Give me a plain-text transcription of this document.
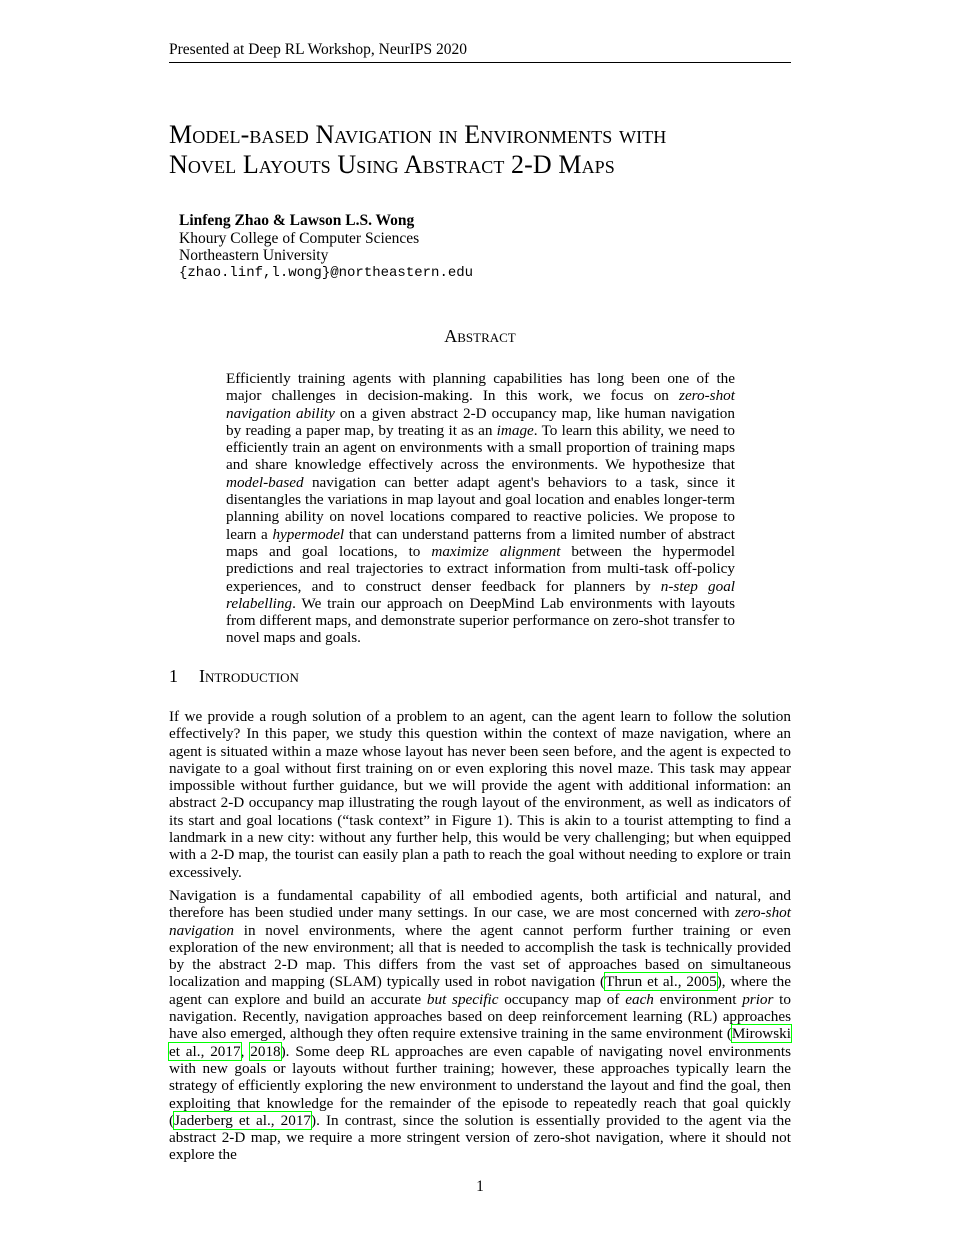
Presented at Deep RL Workshop, NeurIPS 2020
Model-based Navigation in Environments with
Novel Layouts Using Abstract 2-D Maps
Linfeng Zhao & Lawson L.S. Wong
Khoury College of Computer Sciences
Northeastern University
{zhao.linf,l.wong}@northeastern.edu
Abstract
Efficiently training agents with planning capabilities has long been one of the major challenges in decision-making. In this work, we focus on zero-shot navigation ability on a given abstract 2-D occupancy map, like human navigation by reading a paper map, by treating it as an image. To learn this ability, we need to efficiently train an agent on environments with a small proportion of training maps and share knowledge effectively across the environments. We hypothesize that model-based navigation can better adapt agent's behaviors to a task, since it disentangles the variations in map layout and goal location and enables longer-term planning ability on novel locations compared to reactive policies. We propose to learn a hypermodel that can understand patterns from a limited number of abstract maps and goal locations, to maximize alignment between the hypermodel predictions and real trajectories to extract information from multi-task off-policy experiences, and to construct denser feedback for planners by n-step goal relabelling. We train our approach on DeepMind Lab environments with layouts from different maps, and demonstrate superior performance on zero-shot transfer to novel maps and goals.
1 Introduction

If we provide a rough solution of a problem to an agent, can the agent learn to follow the solution effectively? In this paper, we study this question within the context of maze navigation, where an agent is situated within a maze whose layout has never been seen before, and the agent is expected to navigate to a goal without first training on or even exploring this novel maze. This task may appear impossible without further guidance, but we will provide the agent with additional information: an abstract 2-D occupancy map illustrating the rough layout of the environment, as well as indicators of its start and goal locations (“task context” in Figure 1). This is akin to a tourist attempting to find a landmark in a new city: without any further help, this would be very challenging; but when equipped with a 2-D map, the tourist can easily plan a path to reach the goal without needing to explore or train excessively.

Navigation is a fundamental capability of all embodied agents, both artificial and natural, and therefore has been studied under many settings. In our case, we are most concerned with zero-shot navigation in novel environments, where the agent cannot perform further training or even exploration of the new environment; all that is needed to accomplish the task is technically provided by the abstract 2-D map. This differs from the vast set of approaches based on simultaneous localization and mapping (SLAM) typically used in robot navigation (Thrun et al., 2005), where the agent can explore and build an accurate but specific occupancy map of each environment prior to navigation. Recently, navigation approaches based on deep reinforcement learning (RL) approaches have also emerged, although they often require extensive training in the same environment (Mirowski et al., 2017, 2018). Some deep RL approaches are even capable of navigating novel environments with new goals or layouts without further training; however, these approaches typically learn the strategy of efficiently exploring the new environment to understand the layout and find the goal, then exploiting that knowledge for the remainder of the episode to repeatedly reach that goal quickly (Jaderberg et al., 2017). In contrast, since the solution is essentially provided to the agent via the abstract 2-D map, we require a more stringent version of zero-shot navigation, where it should not explore the

1
